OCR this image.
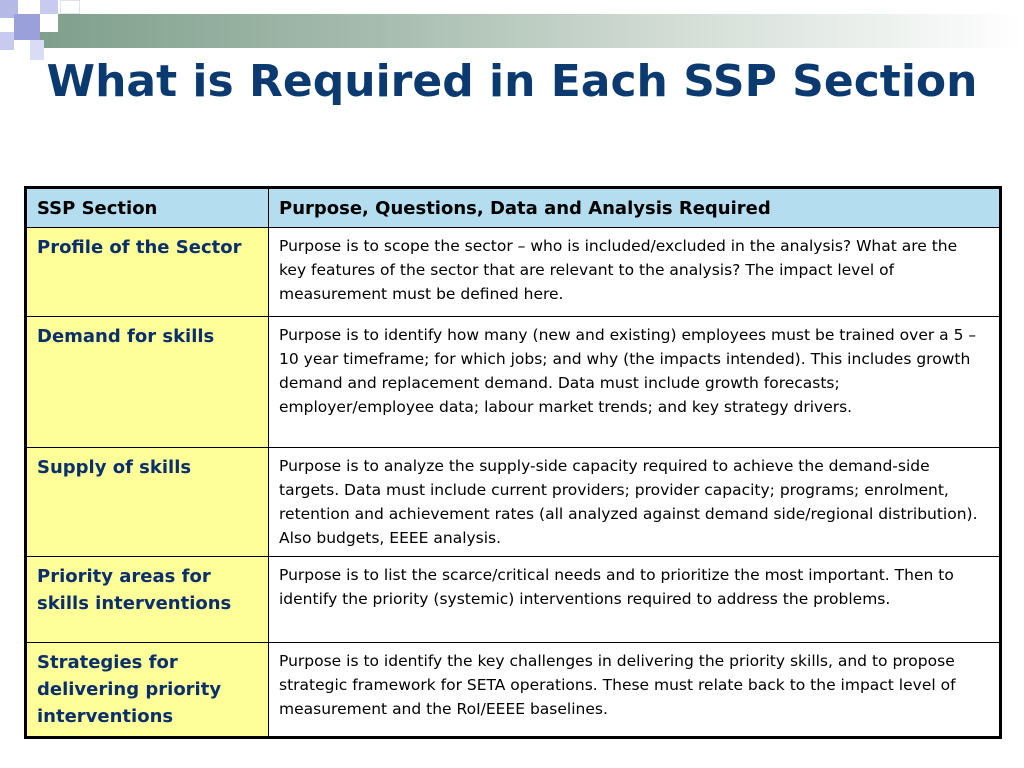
What is Required in Each SSP Section
SSP Section	Purpose, Questions, Data and Analysis Required
Profile of the Sector	Purpose is to scope the sector – who is included/excluded in the analysis? What are the key features of the sector that are relevant to the analysis? The impact level of measurement must be defined here.
Demand for skills	Purpose is to identify how many (new and existing) employees must be trained over a 5 – 10 year timeframe; for which jobs; and why (the impacts intended). This includes growth demand and replacement demand. Data must include growth forecasts; employer/employee data; labour market trends; and key strategy drivers.
Supply of skills	Purpose is to analyze the supply-side capacity required to achieve the demand-side targets. Data must include current providers; provider capacity; programs; enrolment, retention and achievement rates (all analyzed against demand side/regional distribution). Also budgets, EEEE analysis.
Priority areas for skills interventions	Purpose is to list the scarce/critical needs and to prioritize the most important. Then to identify the priority (systemic) interventions required to address the problems.
Strategies for delivering priority interventions	Purpose is to identify the key challenges in delivering the priority skills, and to propose strategic framework for SETA operations. These must relate back to the impact level of measurement and the RoI/EEEE baselines.
